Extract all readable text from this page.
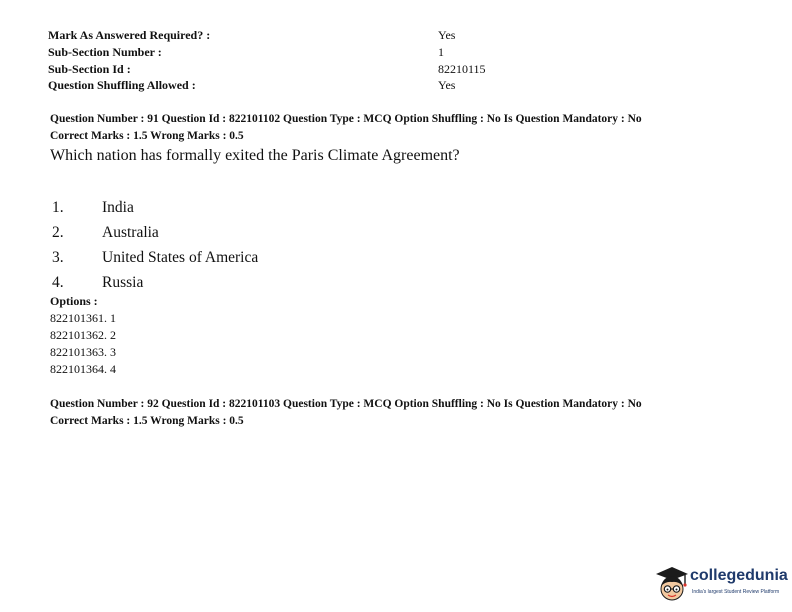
Mark As Answered Required? :	Yes
Sub-Section Number :	1
Sub-Section Id :	82210115
Question Shuffling Allowed :	Yes
Question Number : 91 Question Id : 822101102 Question Type : MCQ Option Shuffling : No Is Question Mandatory : No
Correct Marks : 1.5 Wrong Marks : 0.5
Which nation has formally exited the Paris Climate Agreement?
1. India
2. Australia
3. United States of America
4. Russia
Options :
822101361. 1
822101362. 2
822101363. 3
822101364. 4
Question Number : 92 Question Id : 822101103 Question Type : MCQ Option Shuffling : No Is Question Mandatory : No
Correct Marks : 1.5 Wrong Marks : 0.5
collegedunia
India's largest Student Review Platform
